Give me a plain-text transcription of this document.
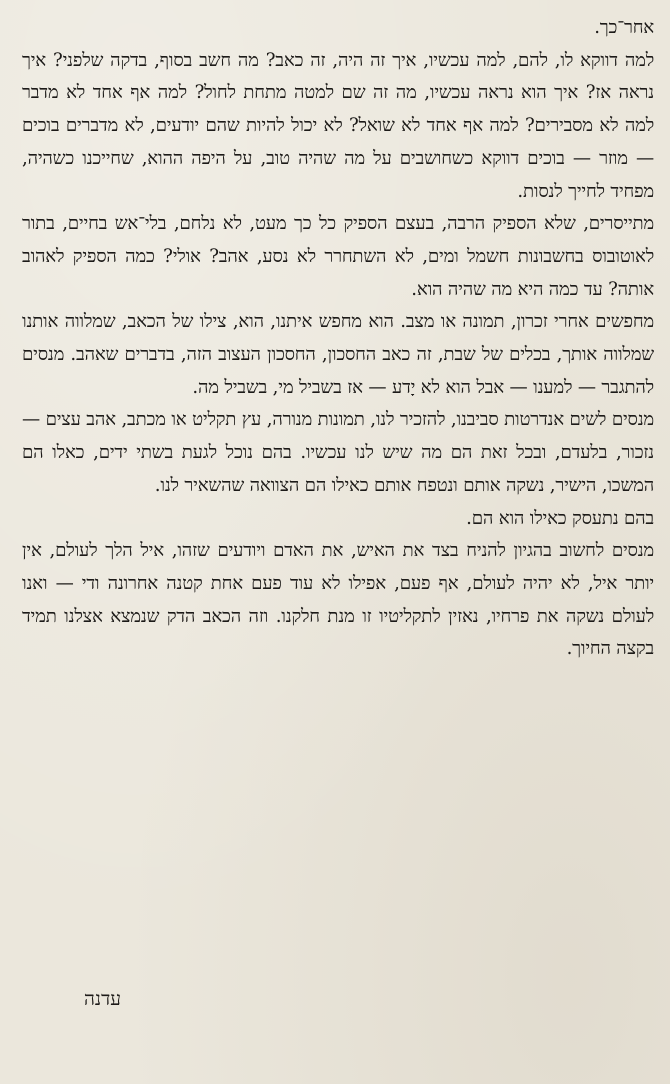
אחר־כך.

למה דווקא לו, להם, למה עכשיו, איך זה היה, זה כאב? מה חשב בסוף, בדקה שלפני? איך נראה אז? איך הוא נראה עכשיו, מה זה שם למטה מתחת לחול? למה אף אחד לא מדבר למה לא מסבירים? למה אף אחד לא שואל? לא יכול להיות שהם יודעים, לא מדברים בוכים — מוזר — בוכים דווקא כשחושבים על מה שהיה טוב, על היפה ההוא, שחייכנו כשהיה, מפחיד לחייך לנסות.

מתייסרים, שלא הספיק הרבה, בעצם הספיק כל כך מעט, לא נלחם, בלי־אש בחיים, בתור לאוטובוס בחשבונות חשמל ומים, לא השתחרר לא נסע, אהב? אולי? כמה הספיק לאהוב אותה? עד כמה היא מה שהיה הוא.

מחפשים אחרי זכרון, תמונה או מצב. הוא מחפש איתנו, הוא, צילו של הכאב, שמלווה אותנו שמלווה אותך, בכלים של שבת, זה כאב החסכון, החסכון העצוב הזה, בדברים שאהב. מנסים להתגבר — למענו — אבל הוא לא יָדע — אז בשביל מי, בשביל מה.

מנסים לשים אנדרטות סביבנו, להזכיר לנו, תמונות מנורה, עץ תקליט או מכתב, אהב עצים — נזכור, בלעדם, ובכל זאת הם מה שיש לנו עכשיו. בהם נוכל לגעת בשתי ידים, כאלו הם המשכו, הישיר, נשקה אותם ונטפח אותם כאילו הם הצוואה שהשאיר לנו.

בהם נתעסק כאילו הוא הם.

מנסים לחשוב בהגיון להניח בצד את האיש, את האדם ויודעים שזהו, איל הלך לעולם, אין יותר איל, לא יהיה לעולם, אף פעם, אפילו לא עוד פעם אחת קטנה אחרונה ודי — ואנו לעולם נשקה את פרחיו, נאזין לתקליטיו זו מנת חלקנו. וזה הכאב הדק שנמצא אצלנו תמיד בקצה החיוך.

עדנה
